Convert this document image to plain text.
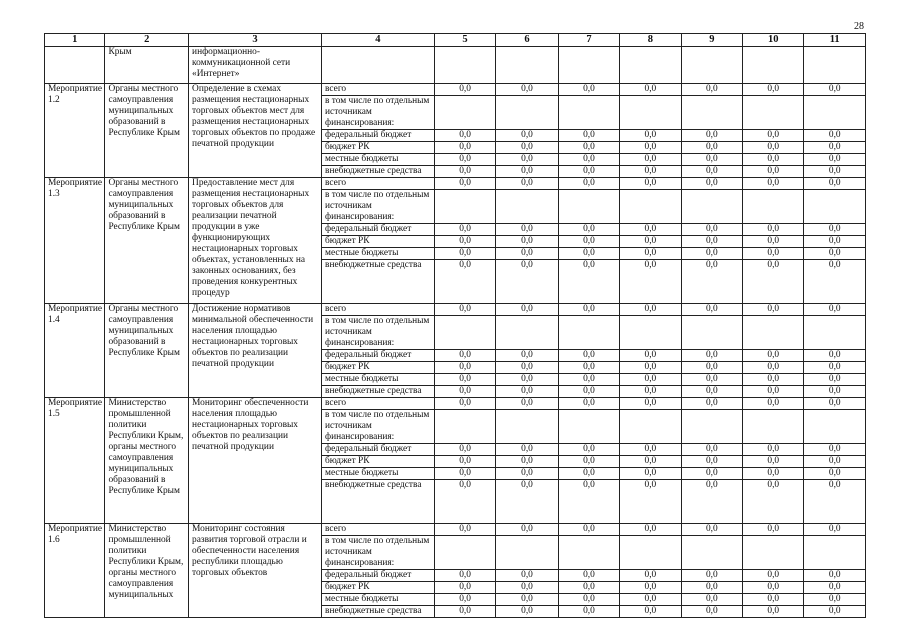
28
1	2	3	4	5	6	7	8	9	10	11
	Крым	информационно-коммуникационной сети «Интернет»								
Мероприятие 1.2	Органы местного самоуправления муниципальных образований в Республике Крым	Определение в схемах размещения нестационарных торговых объектов мест для размещения нестационарных торговых объектов по продаже печатной продукции	всего	0,0	0,0	0,0	0,0	0,0	0,0	0,0
			в том числе по отдельным источникам финансирования:							
			федеральный бюджет	0,0	0,0	0,0	0,0	0,0	0,0	0,0
			бюджет РК	0,0	0,0	0,0	0,0	0,0	0,0	0,0
			местные бюджеты	0,0	0,0	0,0	0,0	0,0	0,0	0,0
			внебюджетные средства	0,0	0,0	0,0	0,0	0,0	0,0	0,0
Мероприятие 1.3	Органы местного самоуправления муниципальных образований в Республике Крым	Предоставление мест для размещения нестационарных торговых объектов для реализации печатной продукции в уже функционирующих нестационарных торговых объектах, установленных на законных основаниях, без проведения конкурентных процедур	всего	0,0	0,0	0,0	0,0	0,0	0,0	0,0
			в том числе по отдельным источникам финансирования:							
			федеральный бюджет	0,0	0,0	0,0	0,0	0,0	0,0	0,0
			бюджет РК	0,0	0,0	0,0	0,0	0,0	0,0	0,0
			местные бюджеты	0,0	0,0	0,0	0,0	0,0	0,0	0,0
			внебюджетные средства	0,0	0,0	0,0	0,0	0,0	0,0	0,0
Мероприятие 1.4	Органы местного самоуправления муниципальных образований в Республике Крым	Достижение нормативов минимальной обеспеченности населения площадью нестационарных торговых объектов по реализации печатной продукции	всего	0,0	0,0	0,0	0,0	0,0	0,0	0,0
			в том числе по отдельным источникам финансирования:							
			федеральный бюджет	0,0	0,0	0,0	0,0	0,0	0,0	0,0
			бюджет РК	0,0	0,0	0,0	0,0	0,0	0,0	0,0
			местные бюджеты	0,0	0,0	0,0	0,0	0,0	0,0	0,0
			внебюджетные средства	0,0	0,0	0,0	0,0	0,0	0,0	0,0
Мероприятие 1.5	Министерство промышленной политики Республики Крым, органы местного самоуправления муниципальных образований в Республике Крым	Мониторинг обеспеченности населения площадью нестационарных торговых объектов по реализации печатной продукции	всего	0,0	0,0	0,0	0,0	0,0	0,0	0,0
			в том числе по отдельным источникам финансирования:							
			федеральный бюджет	0,0	0,0	0,0	0,0	0,0	0,0	0,0
			бюджет РК	0,0	0,0	0,0	0,0	0,0	0,0	0,0
			местные бюджеты	0,0	0,0	0,0	0,0	0,0	0,0	0,0
			внебюджетные средства	0,0	0,0	0,0	0,0	0,0	0,0	0,0
Мероприятие 1.6	Министерство промышленной политики Республики Крым, органы местного самоуправления муниципальных	Мониторинг состояния развития торговой отрасли и обеспеченности населения республики площадью торговых объектов	всего	0,0	0,0	0,0	0,0	0,0	0,0	0,0
			в том числе по отдельным источникам финансирования:							
			федеральный бюджет	0,0	0,0	0,0	0,0	0,0	0,0	0,0
			бюджет РК	0,0	0,0	0,0	0,0	0,0	0,0	0,0
			местные бюджеты	0,0	0,0	0,0	0,0	0,0	0,0	0,0
			внебюджетные средства	0,0	0,0	0,0	0,0	0,0	0,0	0,0
